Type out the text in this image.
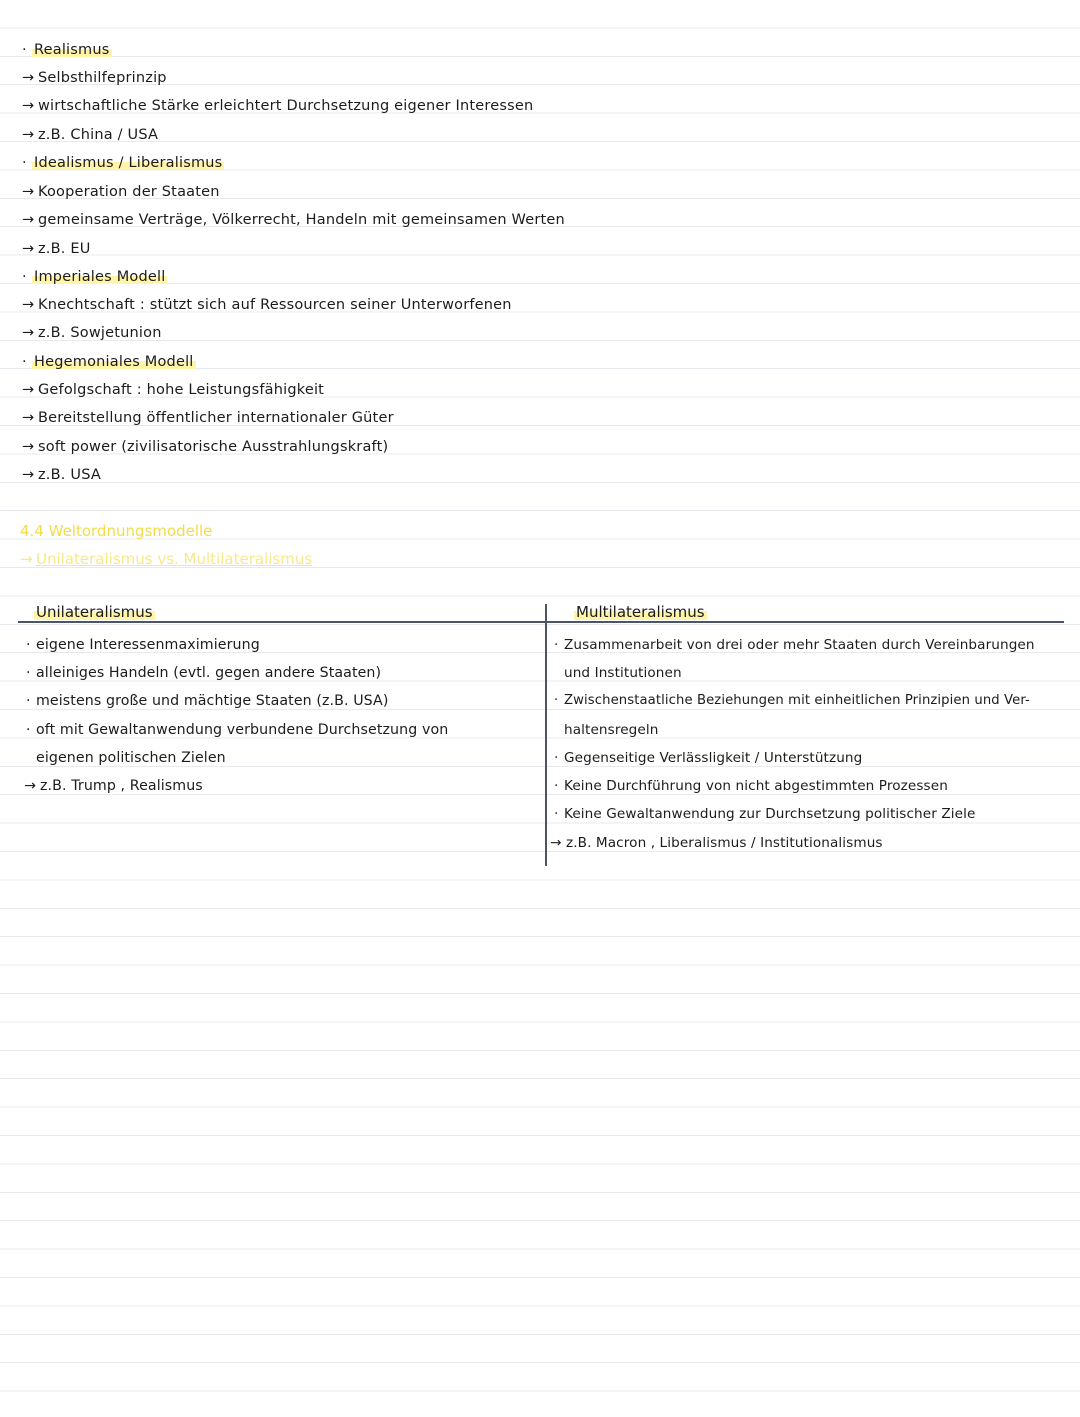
· Realismus
→ Selbsthilfeprinzip
→ wirtschaftliche Stärke erleichtert Durchsetzung eigener Interessen
→ z.B. China / USA
· Idealismus / Liberalismus
→ Kooperation der Staaten
→ gemeinsame Verträge, Völkerrecht, Handeln mit gemeinsamen Werten
→ z.B. EU
· Imperiales Modell
→ Knechtschaft : stützt sich auf Ressourcen seiner Unterworfenen
→ z.B. Sowjetunion
· Hegemoniales Modell
→ Gefolgschaft : hohe Leistungsfähigkeit
→ Bereitstellung öffentlicher internationaler Güter
→ soft power (zivilisatorische Ausstrahlungskraft)
→ z.B. USA
4.4 Weltordnungsmodelle
→ Unilateralismus vs. Multilateralismus
Unilateralismus	Multilateralismus
· eigene Interessenmaximierung
· alleiniges Handeln (evtl. gegen andere Staaten)
· meistens große und mächtige Staaten (z.B. USA)
· oft mit Gewaltanwendung verbundene Durchsetzung von
eigenen politischen Zielen
→ z.B. Trump , Realismus
· Zusammenarbeit von drei oder mehr Staaten durch Vereinbarungen
und Institutionen
· Zwischenstaatliche Beziehungen mit einheitlichen Prinzipien und Ver-
haltensregeln
· Gegenseitige Verlässligkeit / Unterstützung
· Keine Durchführung von nicht abgestimmten Prozessen
· Keine Gewaltanwendung zur Durchsetzung politischer Ziele
→ z.B. Macron , Liberalismus / Institutionalismus
